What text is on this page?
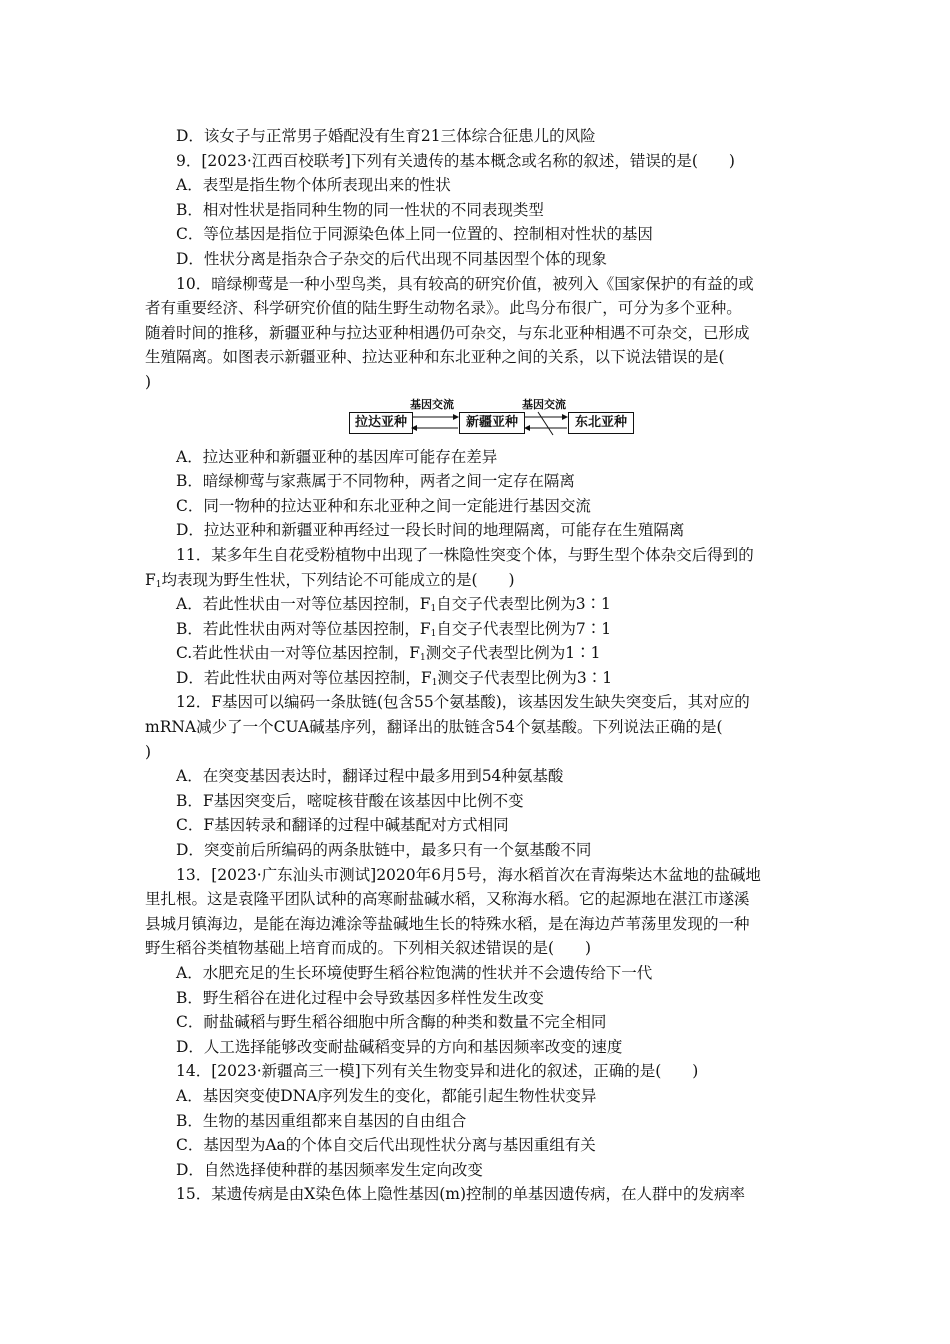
D．该女子与正常男子婚配没有生育21三体综合征患儿的风险
9．[2023·江西百校联考]下列有关遗传的基本概念或名称的叙述，错误的是(　　)
A．表型是指生物个体所表现出来的性状
B．相对性状是指同种生物的同一性状的不同表现类型
C．等位基因是指位于同源染色体上同一位置的、控制相对性状的基因
D．性状分离是指杂合子杂交的后代出现不同基因型个体的现象
10．暗绿柳莺是一种小型鸟类，具有较高的研究价值，被列入《国家保护的有益的或
者有重要经济、科学研究价值的陆生野生动物名录》。此鸟分布很广，可分为多个亚种。
随着时间的推移，新疆亚种与拉达亚种相遇仍可杂交，与东北亚种相遇不可杂交，已形成
生殖隔离。如图表示新疆亚种、拉达亚种和东北亚种之间的关系，以下说法错误的是(
)
拉达亚种	新疆亚种	东北亚种
基因交流	基因交流
A．拉达亚种和新疆亚种的基因库可能存在差异
B．暗绿柳莺与家燕属于不同物种，两者之间一定存在隔离
C．同一物种的拉达亚种和东北亚种之间一定能进行基因交流
D．拉达亚种和新疆亚种再经过一段长时间的地理隔离，可能存在生殖隔离
11．某多年生自花受粉植物中出现了一株隐性突变个体，与野生型个体杂交后得到的
$F_1$均表现为野生性状，下列结论不可能成立的是(　　)
A．若此性状由一对等位基因控制，$F_1$自交子代表型比例为3∶1
B．若此性状由两对等位基因控制，$F_1$自交子代表型比例为7∶1
C.若此性状由一对等位基因控制，$F_1$测交子代表型比例为1∶1
D．若此性状由两对等位基因控制，$F_1$测交子代表型比例为3∶1
12．F基因可以编码一条肽链(包含55个氨基酸)，该基因发生缺失突变后，其对应的
mRNA减少了一个CUA碱基序列，翻译出的肽链含54个氨基酸。下列说法正确的是(
)
A．在突变基因表达时，翻译过程中最多用到54种氨基酸
B．F基因突变后，嘧啶核苷酸在该基因中比例不变
C．F基因转录和翻译的过程中碱基配对方式相同
D．突变前后所编码的两条肽链中，最多只有一个氨基酸不同
13．[2023·广东汕头市测试]2020年6月5号，海水稻首次在青海柴达木盆地的盐碱地
里扎根。这是袁隆平团队试种的高寒耐盐碱水稻，又称海水稻。它的起源地在湛江市遂溪
县城月镇海边，是能在海边滩涂等盐碱地生长的特殊水稻，是在海边芦苇荡里发现的一种
野生稻谷类植物基础上培育而成的。下列相关叙述错误的是(　　)
A．水肥充足的生长环境使野生稻谷粒饱满的性状并不会遗传给下一代
B．野生稻谷在进化过程中会导致基因多样性发生改变
C．耐盐碱稻与野生稻谷细胞中所含酶的种类和数量不完全相同
D．人工选择能够改变耐盐碱稻变异的方向和基因频率改变的速度
14．[2023·新疆高三一模]下列有关生物变异和进化的叙述，正确的是(　　)
A．基因突变使DNA序列发生的变化，都能引起生物性状变异
B．生物的基因重组都来自基因的自由组合
C．基因型为Aa的个体自交后代出现性状分离与基因重组有关
D．自然选择使种群的基因频率发生定向改变
15．某遗传病是由X染色体上隐性基因(m)控制的单基因遗传病，在人群中的发病率
